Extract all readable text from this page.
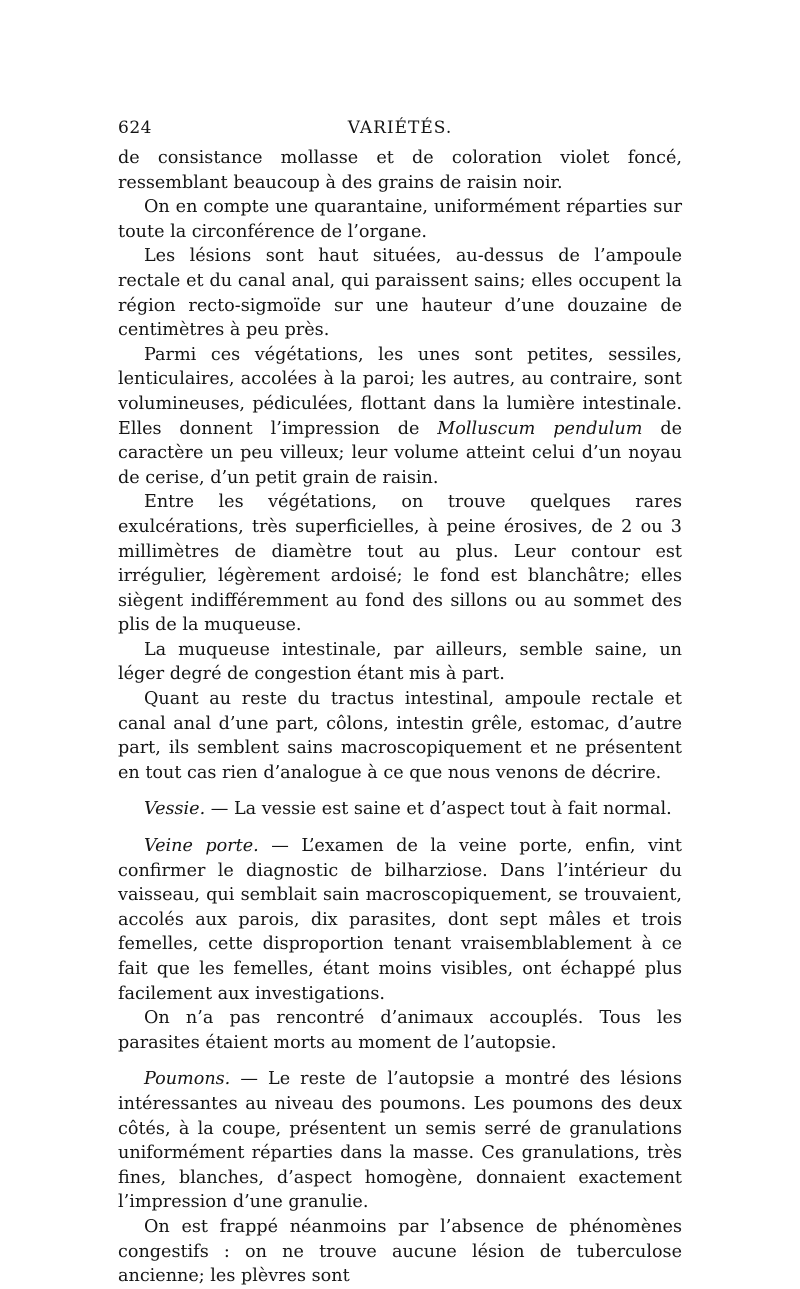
624	VARIÉTÉS.

de consistance mollasse et de coloration violet foncé, ressemblant beaucoup à des grains de raisin noir.

On en compte une quarantaine, uniformément réparties sur toute la circonférence de l’organe.

Les lésions sont haut situées, au-dessus de l’ampoule rectale et du canal anal, qui paraissent sains; elles occupent la région recto-sigmoïde sur une hauteur d’une douzaine de centimètres à peu près.

Parmi ces végétations, les unes sont petites, sessiles, lenticulaires, accolées à la paroi; les autres, au contraire, sont volumineuses, pédiculées, flottant dans la lumière intestinale. Elles donnent l’impression de Molluscum pendulum de caractère un peu villeux; leur volume atteint celui d’un noyau de cerise, d’un petit grain de raisin.

Entre les végétations, on trouve quelques rares exulcérations, très superficielles, à peine érosives, de 2 ou 3 millimètres de diamètre tout au plus. Leur contour est irrégulier, légèrement ardoisé; le fond est blanchâtre; elles siègent indifféremment au fond des sillons ou au sommet des plis de la muqueuse.

La muqueuse intestinale, par ailleurs, semble saine, un léger degré de congestion étant mis à part.

Quant au reste du tractus intestinal, ampoule rectale et canal anal d’une part, côlons, intestin grêle, estomac, d’autre part, ils semblent sains macroscopiquement et ne présentent en tout cas rien d’analogue à ce que nous venons de décrire.

Vessie. — La vessie est saine et d’aspect tout à fait normal.

Veine porte. — L’examen de la veine porte, enfin, vint confirmer le diagnostic de bilharziose. Dans l’intérieur du vaisseau, qui semblait sain macroscopiquement, se trouvaient, accolés aux parois, dix parasites, dont sept mâles et trois femelles, cette disproportion tenant vraisemblablement à ce fait que les femelles, étant moins visibles, ont échappé plus facilement aux investigations.

On n’a pas rencontré d’animaux accouplés. Tous les parasites étaient morts au moment de l’autopsie.

Poumons. — Le reste de l’autopsie a montré des lésions intéressantes au niveau des poumons. Les poumons des deux côtés, à la coupe, présentent un semis serré de granulations uniformément réparties dans la masse. Ces granulations, très fines, blanches, d’aspect homogène, donnaient exactement l’impression d’une granulie.

On est frappé néanmoins par l’absence de phénomènes congestifs : on ne trouve aucune lésion de tuberculose ancienne; les plèvres sont
